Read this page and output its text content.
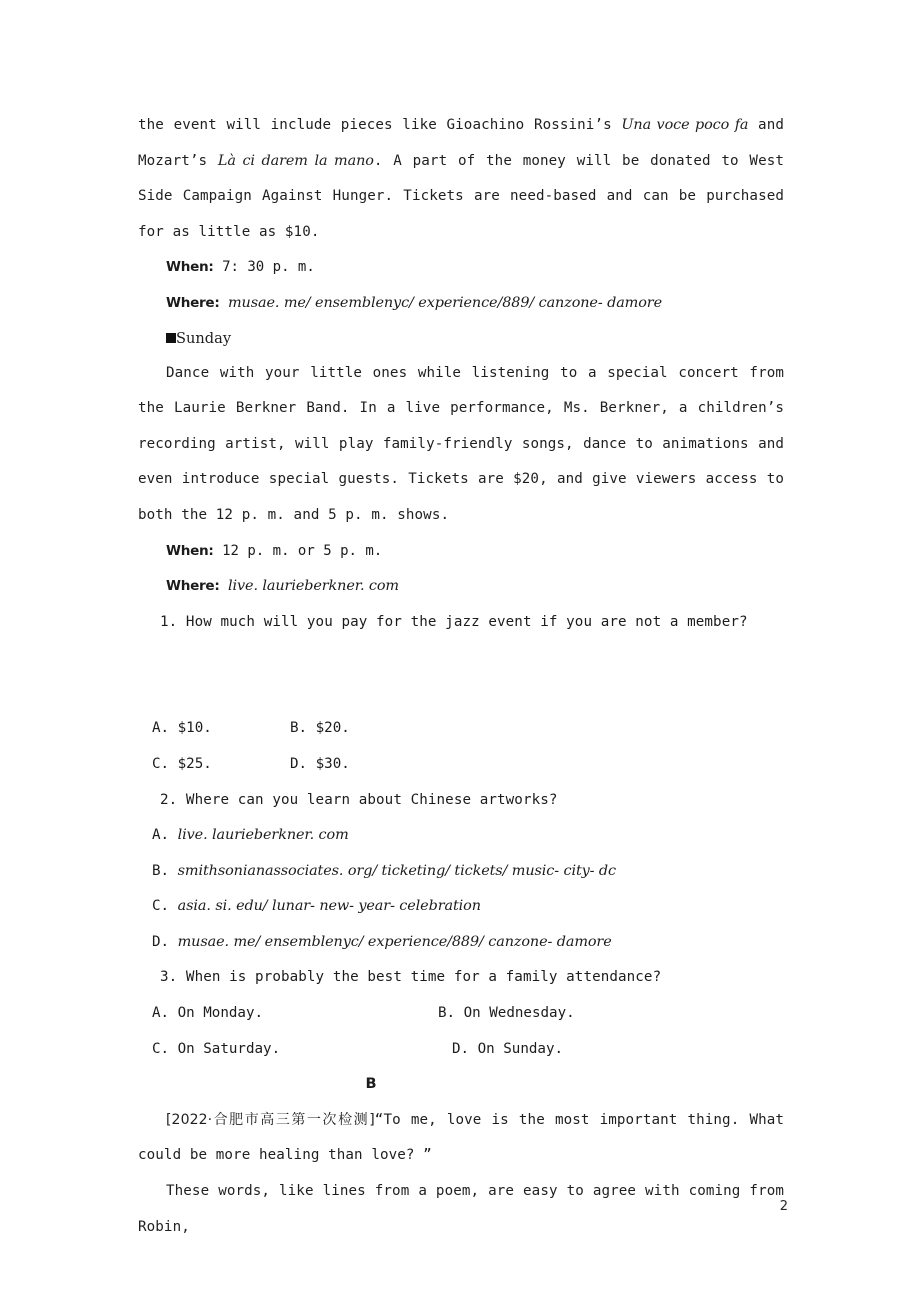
the event will include pieces like Gioachino Rossini’s Una voce poco fa and Mozart’s Là ci darem la mano. A part of the money will be donated to West Side Campaign Against Hunger. Tickets are need-based and can be purchased for as little as $10.

When: 7: 30 p. m.
Where: musae. me/ ensemblenyc/ experience/889/ canzone- damore
Sunday

Dance with your little ones while listening to a special concert from the Laurie Berkner Band. In a live performance, Ms. Berkner, a children’s recording artist, will play family-friendly songs, dance to animations and even introduce special guests. Tickets are $20, and give viewers access to both the 12 p. m. and 5 p. m. shows.

When: 12 p. m. or 5 p. m.
Where: live. laurieberkner. com
1. How much will you pay for the jazz event if you are not a member?
A. $10.	B. $20.
C. $25.	D. $30.
2. Where can you learn about Chinese artworks?
A. live. laurieberkner. com
B. smithsonianassociates. org/ ticketing/ tickets/ music- city- dc
C. asia. si. edu/ lunar- new- year- celebration
D. musae. me/ ensemblenyc/ experience/889/ canzone- damore
3. When is probably the best time for a family attendance?
A. On Monday.	B. On Wednesday.
C. On Saturday.	D. On Sunday.
B

[2022·合肥市高三第一次检测]“To me, love is the most important thing. What could be more healing than love? ”

These words, like lines from a poem, are easy to agree with coming from Robin,

2
